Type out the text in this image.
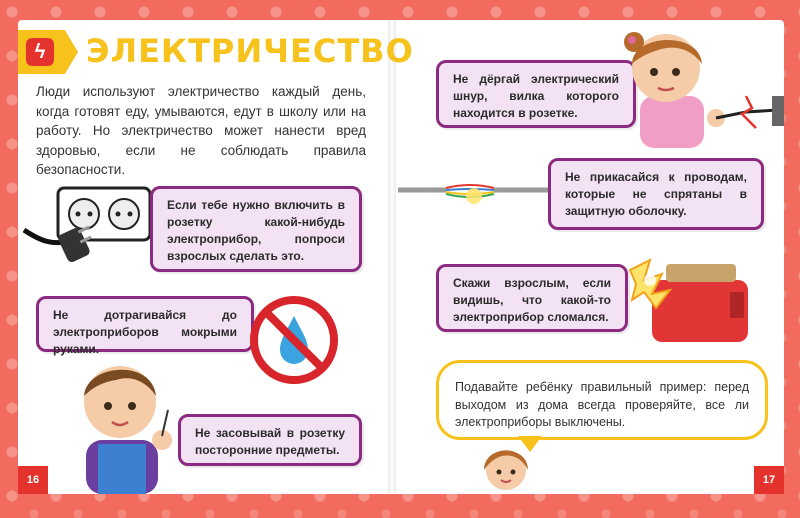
ϟ ЭЛЕКТРИЧЕСТВО
Люди используют электричество каждый день, когда готовят еду, умываются, едут в школу или на работу. Но электричество может нанести вред здоровью, если не соблюдать правила безопасности.
Если тебе нужно включить в розетку какой-нибудь электроприбор, попроси взрослых сделать это.
Не дотрагивайся до электроприборов мокрыми руками.
Не засовывай в розетку посторонние предметы.
16
Не дёргай электрический шнур, вилка которого находится в розетке.
Не прикасайся к проводам, которые не спрятаны в защитную оболочку.
Скажи взрослым, если видишь, что какой-то электроприбор сломался.
Подавайте ребёнку правильный пример: перед выходом из дома всегда проверяйте, все ли электроприборы выключены.
17
